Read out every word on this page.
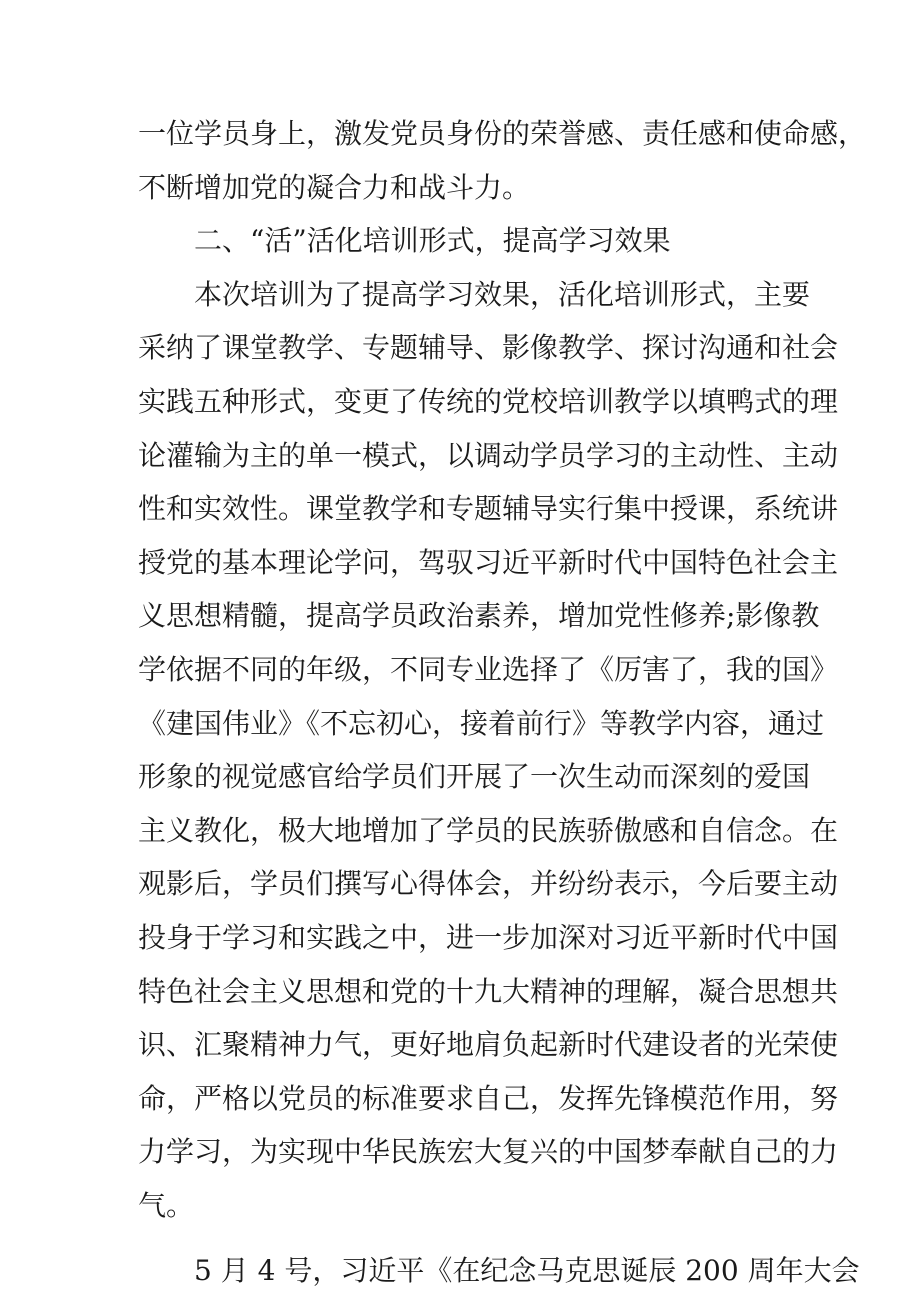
一位学员身上，激发党员身份的荣誉感、责任感和使命感，
不断增加党的凝合力和战斗力。
二、“活”活化培训形式，提高学习效果
本次培训为了提高学习效果，活化培训形式，主要
采纳了课堂教学、专题辅导、影像教学、探讨沟通和社会
实践五种形式，变更了传统的党校培训教学以填鸭式的理
论灌输为主的单一模式，以调动学员学习的主动性、主动
性和实效性。课堂教学和专题辅导实行集中授课，系统讲
授党的基本理论学问，驾驭习近平新时代中国特色社会主
义思想精髓，提高学员政治素养，增加党性修养;影像教
学依据不同的年级，不同专业选择了《厉害了，我的国》
《建国伟业》《不忘初心，接着前行》等教学内容，通过
形象的视觉感官给学员们开展了一次生动而深刻的爱国
主义教化，极大地增加了学员的民族骄傲感和自信念。在
观影后，学员们撰写心得体会，并纷纷表示，今后要主动
投身于学习和实践之中，进一步加深对习近平新时代中国
特色社会主义思想和党的十九大精神的理解，凝合思想共
识、汇聚精神力气，更好地肩负起新时代建设者的光荣使
命，严格以党员的标准要求自己，发挥先锋模范作用，努
力学习，为实现中华民族宏大复兴的中国梦奉献自己的力
气。
5 月 4 号，习近平《在纪念马克思诞辰 200 周年大会
